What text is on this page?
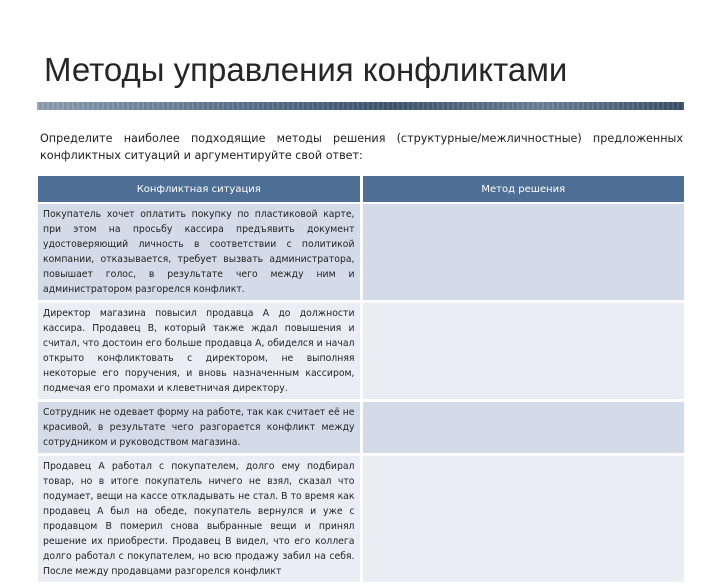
Методы управления конфликтами

Определите наиболее подходящие методы решения (структурные/межличностные) предложенных конфликтных ситуаций и аргументируйте свой ответ:

Конфликтная ситуация	Метод решения
Покупатель хочет оплатить покупку по пластиковой карте, при этом на просьбу кассира предъявить документ удостоверяющий личность в соответствии с политикой компании, отказывается, требует вызвать администратора, повышает голос, в результате чего между ним и администратором разгорелся конфликт.	
Директор магазина повысил продавца А до должности кассира. Продавец В, который также ждал повышения и считал, что достоин его больше продавца А, обиделся и начал открыто конфликтовать с директором, не выполняя некоторые его поручения, и вновь назначенным кассиром, подмечая его промахи и клеветничая директору.	
Сотрудник не одевает форму на работе, так как считает её не красивой, в результате чего разгорается конфликт между сотрудником и руководством магазина.	
Продавец А работал с покупателем, долго ему подбирал товар, но в итоге покупатель ничего не взял, сказал что подумает, вещи на кассе откладывать не стал. В то время как продавец А был на обеде, покупатель вернулся и уже с продавцом В померил снова выбранные вещи и принял решение их приобрести. Продавец В видел, что его коллега долго работал с покупателем, но всю продажу забил на себя. После между продавцами разгорелся конфликт	
